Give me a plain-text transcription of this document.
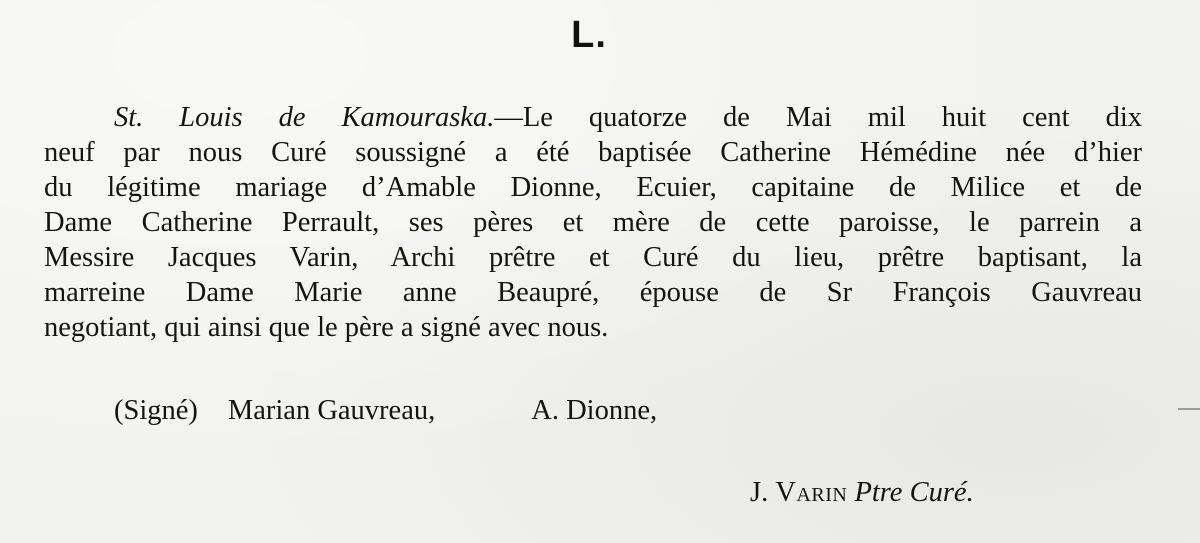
L.
St. Louis de Kamouraska.—Le quatorze de Mai mil huit cent dix
neuf par nous Curé soussigné a été baptisée Catherine Hémédine née d’hier
du légitime mariage d’Amable Dionne, Ecuier, capitaine de Milice et de
Dame Catherine Perrault, ses pères et mère de cette paroisse, le parrein a
Messire Jacques Varin, Archi prêtre et Curé du lieu, prêtre baptisant, la
marreine Dame Marie anne Beaupré, épouse de Sr François Gauvreau
negotiant, qui ainsi que le père a signé avec nous.
(Signé) Marian Gauvreau,	A. Dionne,
J. Varin Ptre Curé.
